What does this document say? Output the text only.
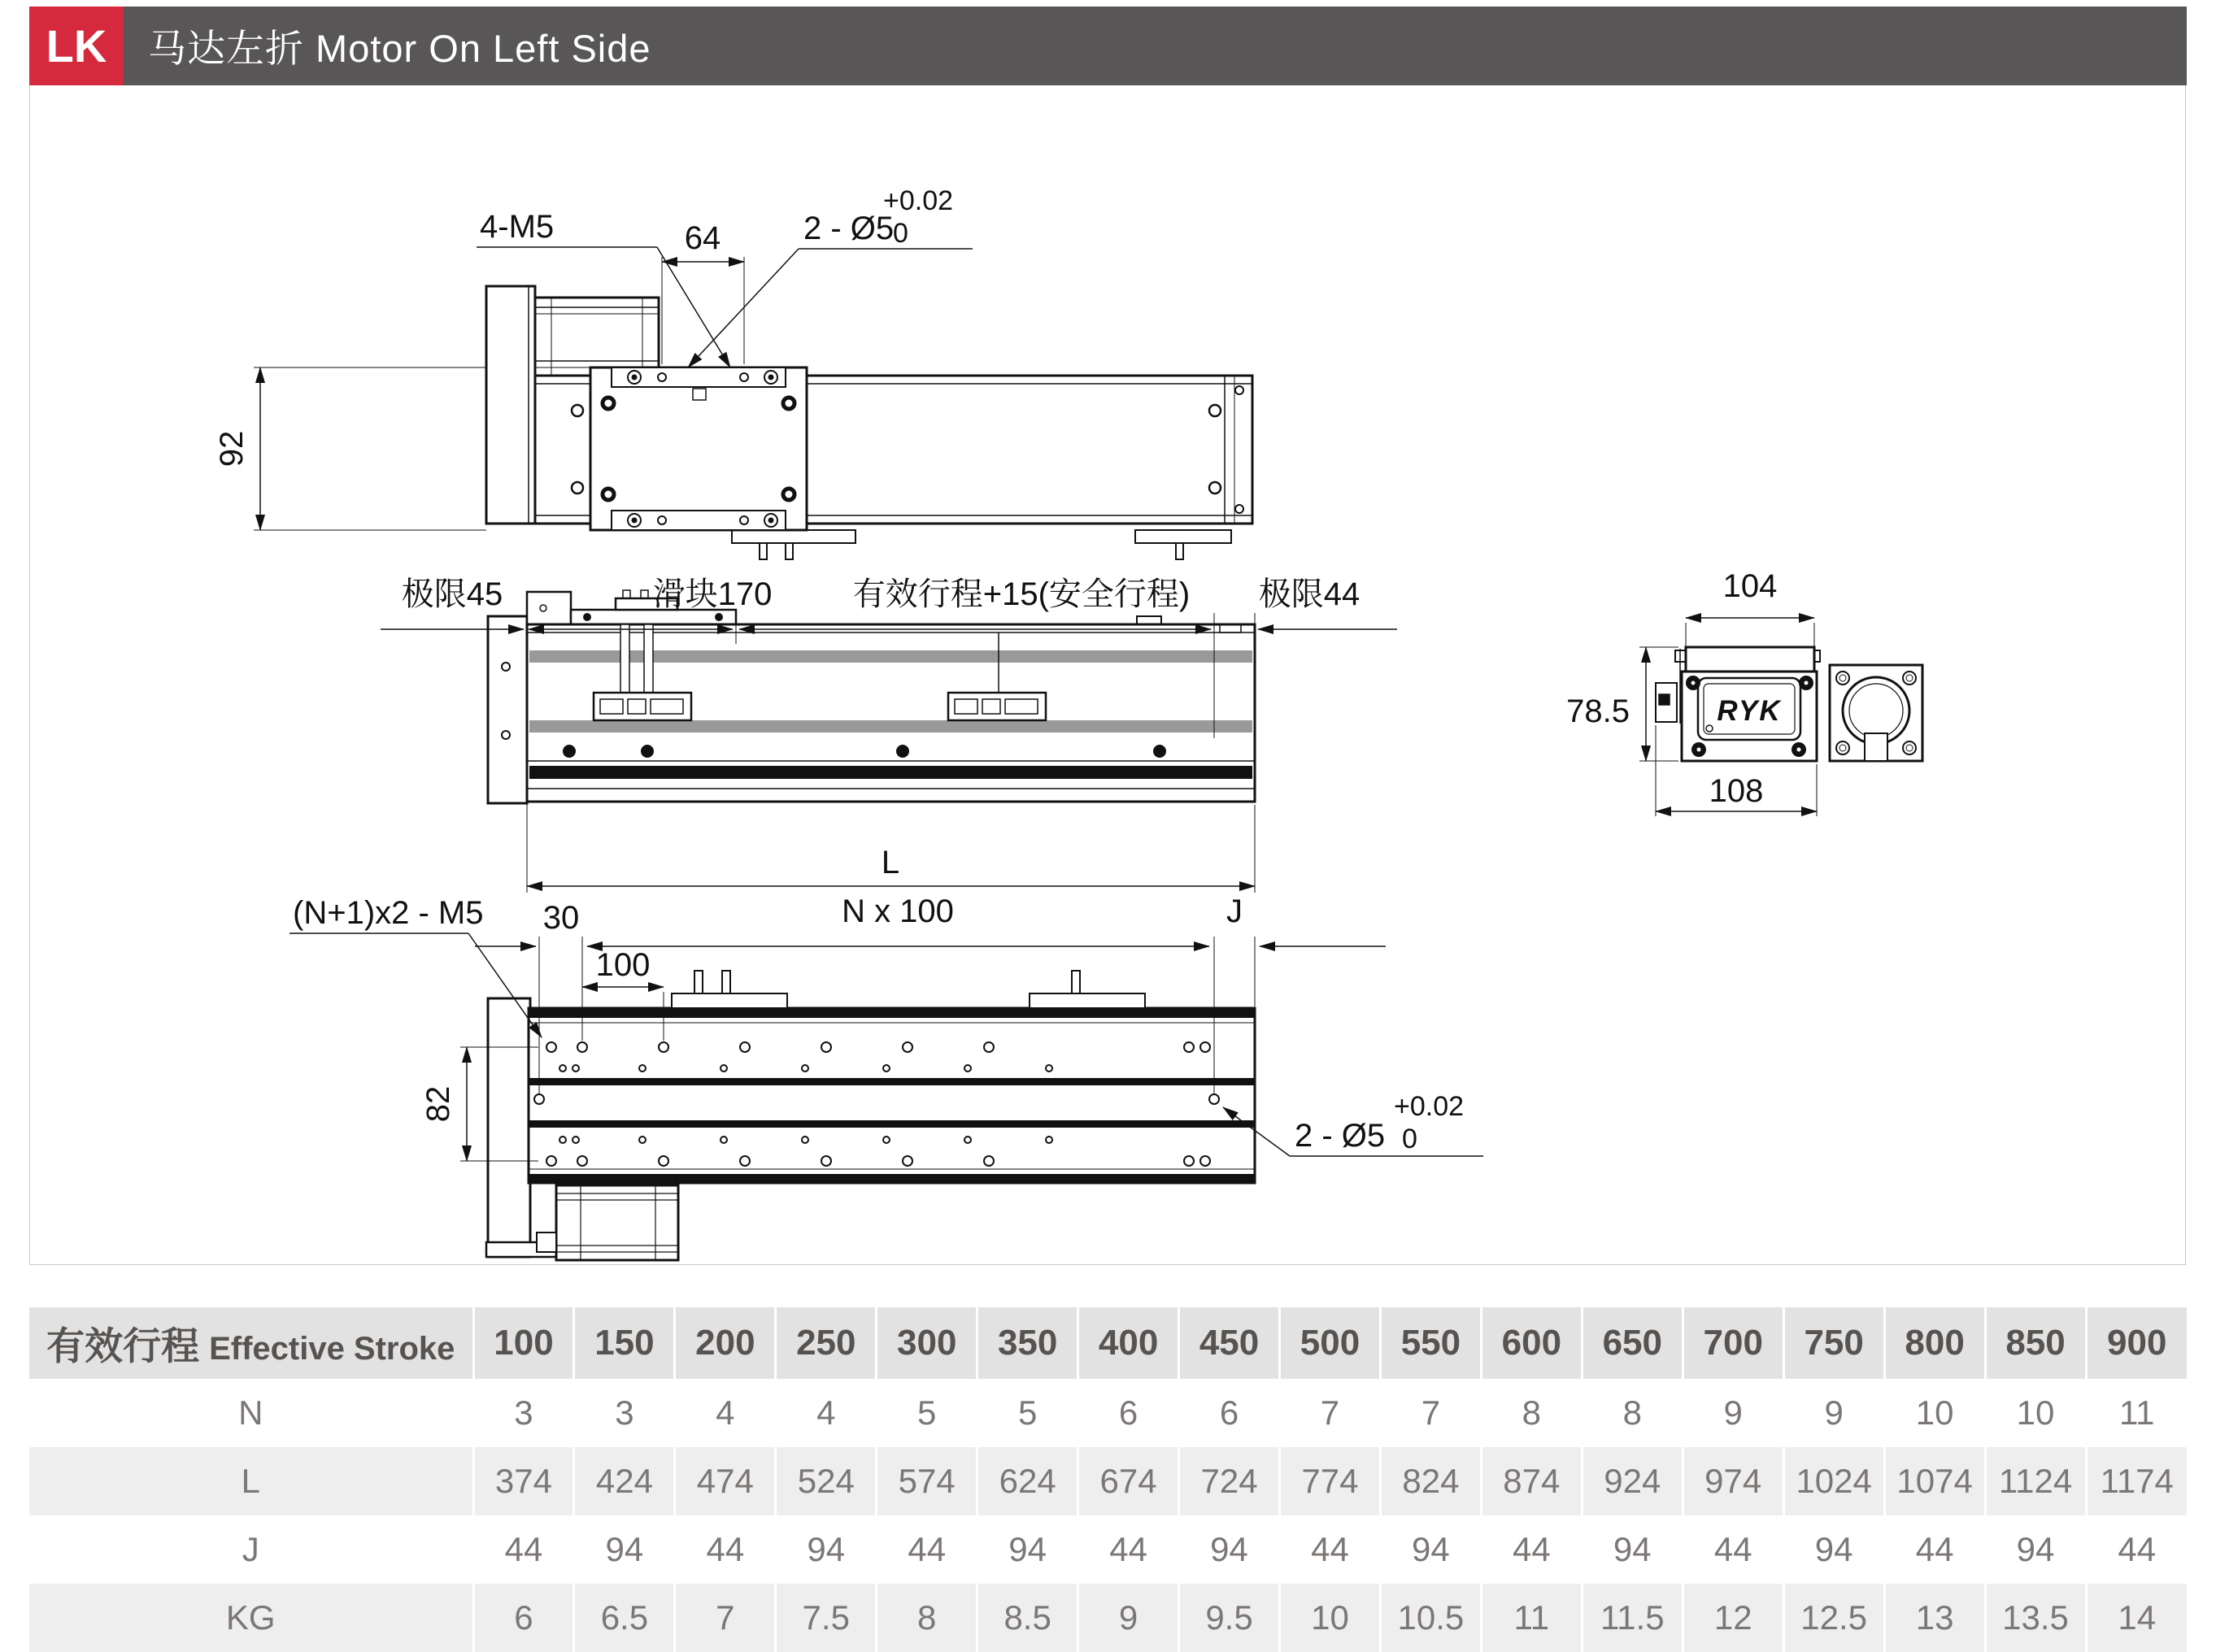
LK	马达左折 Motor On Left Side
4-M5	64	2 - Ø5
+0.02
0
92
极限45	滑块170 有效行程+15(安全行程) 极限44
L
104
78.5
108
RYK
(N+1)x2 - M5 30	N x 100	J
100
82
2 - Ø5
+0.02
0
有效行程 Effective Stroke	100	150	200	250	300	350	400	450	500	550	600	650	700	750	800	850	900
N	3	3	4	4	5	5	6	6	7	7	8	8	9	9	10	10	11
L	374	424	474	524	574	624	674	724	774	824	874	924	974	1024	1074	1124	1174
J	44	94	44	94	44	94	44	94	44	94	44	94	44	94	44	94	44
KG	6	6.5	7	7.5	8	8.5	9	9.5	10	10.5	11	11.5	12	12.5	13	13.5	14
